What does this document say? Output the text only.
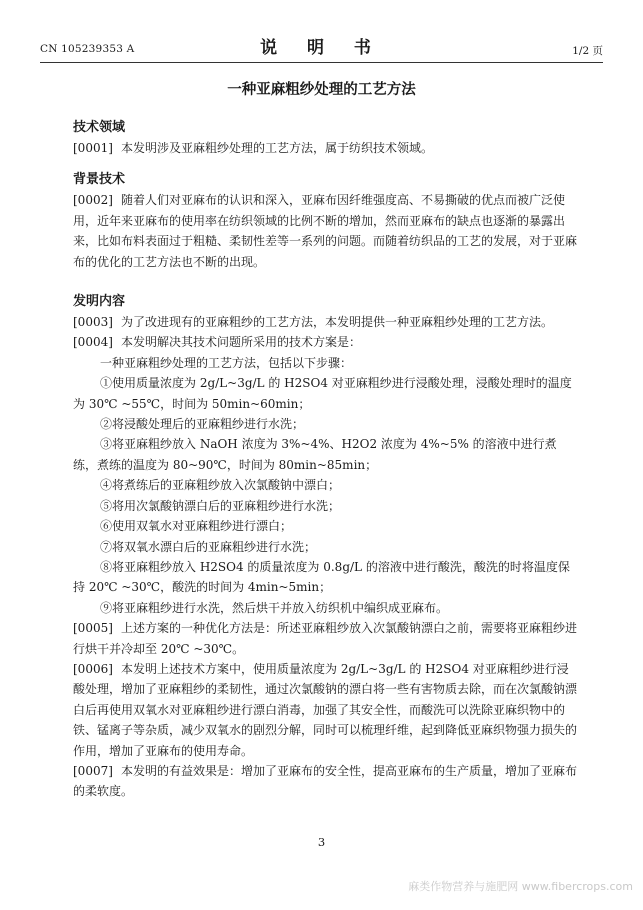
CN 105239353 A	说 明 书	1/2 页
一种亚麻粗纱处理的工艺方法
技术领域

[0001] 本发明涉及亚麻粗纱处理的工艺方法，属于纺织技术领域。

背景技术

[0002] 随着人们对亚麻布的认识和深入，亚麻布因纤维强度高、不易撕破的优点而被广泛使用，近年来亚麻布的使用率在纺织领域的比例不断的增加，然而亚麻布的缺点也逐渐的暴露出来，比如布料表面过于粗糙、柔韧性差等一系列的问题。而随着纺织品的工艺的发展，对于亚麻布的优化的工艺方法也不断的出现。

发明内容

[0003] 为了改进现有的亚麻粗纱的工艺方法，本发明提供一种亚麻粗纱处理的工艺方法。

[0004] 本发明解决其技术问题所采用的技术方案是：

一种亚麻粗纱处理的工艺方法，包括以下步骤：

①使用质量浓度为 2g/L~3g/L 的 H2SO4 对亚麻粗纱进行浸酸处理，浸酸处理时的温度为 30℃ ~55℃，时间为 50min~60min；

②将浸酸处理后的亚麻粗纱进行水洗；

③将亚麻粗纱放入 NaOH 浓度为 3%~4%、H2O2 浓度为 4%~5% 的溶液中进行煮练，煮练的温度为 80~90℃，时间为 80min~85min；

④将煮练后的亚麻粗纱放入次氯酸钠中漂白；

⑤将用次氯酸钠漂白后的亚麻粗纱进行水洗；

⑥使用双氧水对亚麻粗纱进行漂白；

⑦将双氧水漂白后的亚麻粗纱进行水洗；

⑧将亚麻粗纱放入 H2SO4 的质量浓度为 0.8g/L 的溶液中进行酸洗，酸洗的时将温度保持 20℃ ~30℃，酸洗的时间为 4min~5min；

⑨将亚麻粗纱进行水洗，然后烘干并放入纺织机中编织成亚麻布。

[0005] 上述方案的一种优化方法是：所述亚麻粗纱放入次氯酸钠漂白之前，需要将亚麻粗纱进行烘干并冷却至 20℃ ~30℃。

[0006] 本发明上述技术方案中，使用质量浓度为 2g/L~3g/L 的 H2SO4 对亚麻粗纱进行浸酸处理，增加了亚麻粗纱的柔韧性，通过次氯酸钠的漂白将一些有害物质去除，而在次氯酸钠漂白后再使用双氧水对亚麻粗纱进行漂白消毒，加强了其安全性，而酸洗可以洗除亚麻织物中的铁、锰离子等杂质，减少双氧水的剧烈分解，同时可以梳理纤维，起到降低亚麻织物强力损失的作用，增加了亚麻布的使用寿命。

[0007] 本发明的有益效果是：增加了亚麻布的安全性，提高亚麻布的生产质量，增加了亚麻布的柔软度。

3
麻类作物营养与施肥网 www.fibercrops.com
